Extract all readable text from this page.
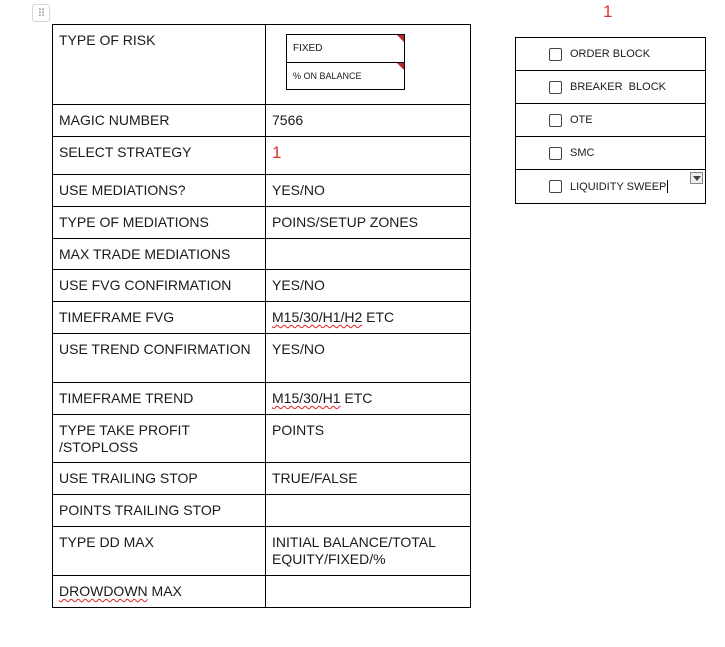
⠿	1
TYPE OF RISK	FIXED
% ON BALANCE

MAGIC NUMBER	7566
SELECT STRATEGY	1
USE MEDIATIONS?	YES/NO
TYPE OF MEDIATIONS	POINS/SETUP ZONES
MAX TRADE MEDIATIONS	
USE FVG CONFIRMATION	YES/NO
TIMEFRAME FVG	M15/30/H1/H2 ETC
USE TREND CONFIRMATION	YES/NO
TIMEFRAME TREND	M15/30/H1 ETC
TYPE TAKE PROFIT /STOPLOSS	POINTS
USE TRAILING STOP	TRUE/FALSE
POINTS TRAILING STOP	
TYPE DD MAX	INITIAL BALANCE/TOTAL EQUITY/FIXED/%
DROWDOWN MAX	
ORDER BLOCK
BREAKER  BLOCK
OTE
SMC
LIQUIDITY SWEEP
